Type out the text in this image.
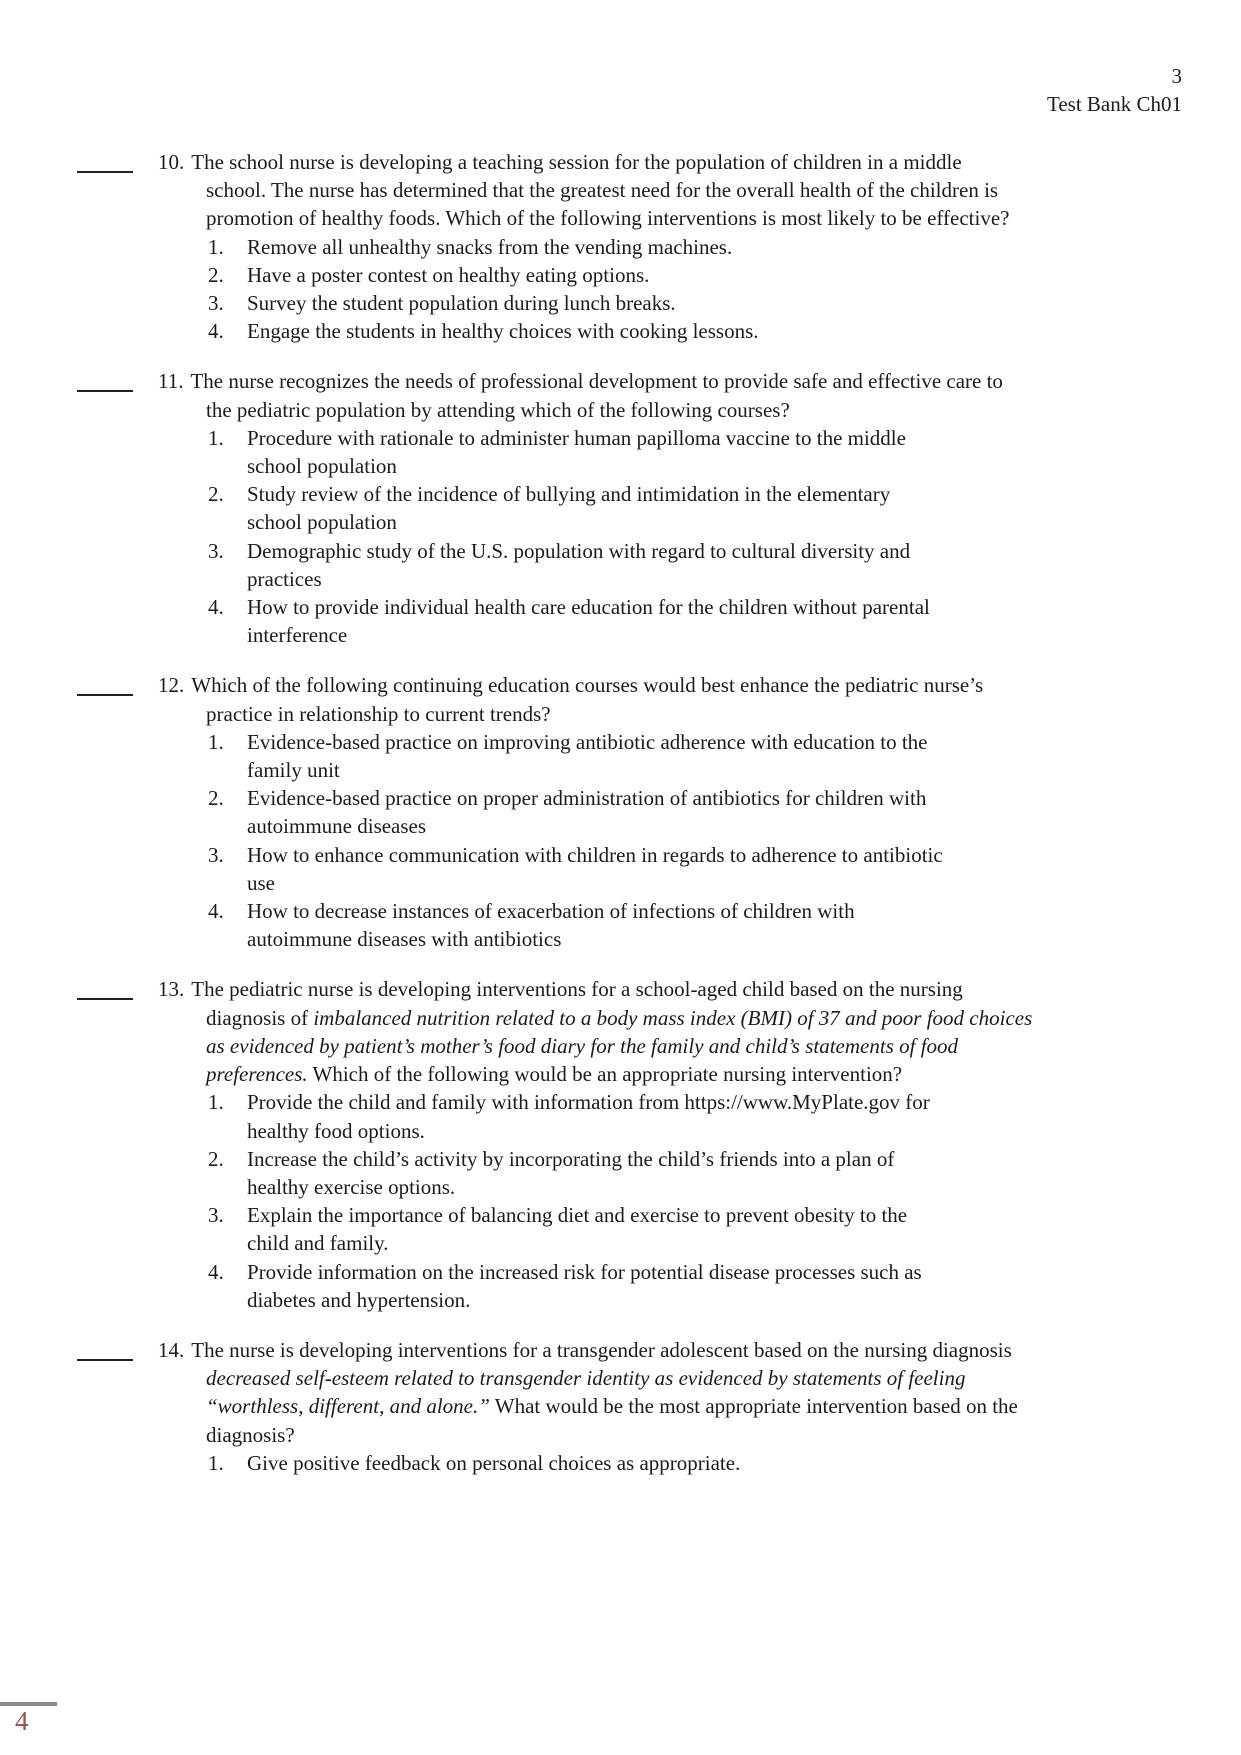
3
Test Bank Ch01
10. The school nurse is developing a teaching session for the population of children in a middle
school. The nurse has determined that the greatest need for the overall health of the children is
promotion of healthy foods. Which of the following interventions is most likely to be effective?
1. Remove all unhealthy snacks from the vending machines.
2. Have a poster contest on healthy eating options.
3. Survey the student population during lunch breaks.
4. Engage the students in healthy choices with cooking lessons.
11. The nurse recognizes the needs of professional development to provide safe and effective care to
the pediatric population by attending which of the following courses?
1. Procedure with rationale to administer human papilloma vaccine to the middle
school population
2. Study review of the incidence of bullying and intimidation in the elementary
school population
3. Demographic study of the U.S. population with regard to cultural diversity and
practices
4. How to provide individual health care education for the children without parental
interference
12. Which of the following continuing education courses would best enhance the pediatric nurse’s
practice in relationship to current trends?
1. Evidence-based practice on improving antibiotic adherence with education to the
family unit
2. Evidence-based practice on proper administration of antibiotics for children with
autoimmune diseases
3. How to enhance communication with children in regards to adherence to antibiotic
use
4. How to decrease instances of exacerbation of infections of children with
autoimmune diseases with antibiotics
13. The pediatric nurse is developing interventions for a school-aged child based on the nursing
diagnosis of imbalanced nutrition related to a body mass index (BMI) of 37 and poor food choices
as evidenced by patient’s mother’s food diary for the family and child’s statements of food
preferences. Which of the following would be an appropriate nursing intervention?
1. Provide the child and family with information from https://www.MyPlate.gov for
healthy food options.
2. Increase the child’s activity by incorporating the child’s friends into a plan of
healthy exercise options.
3. Explain the importance of balancing diet and exercise to prevent obesity to the
child and family.
4. Provide information on the increased risk for potential disease processes such as
diabetes and hypertension.
14. The nurse is developing interventions for a transgender adolescent based on the nursing diagnosis
decreased self-esteem related to transgender identity as evidenced by statements of feeling
“worthless, different, and alone.” What would be the most appropriate intervention based on the
diagnosis?
1. Give positive feedback on personal choices as appropriate.
4
